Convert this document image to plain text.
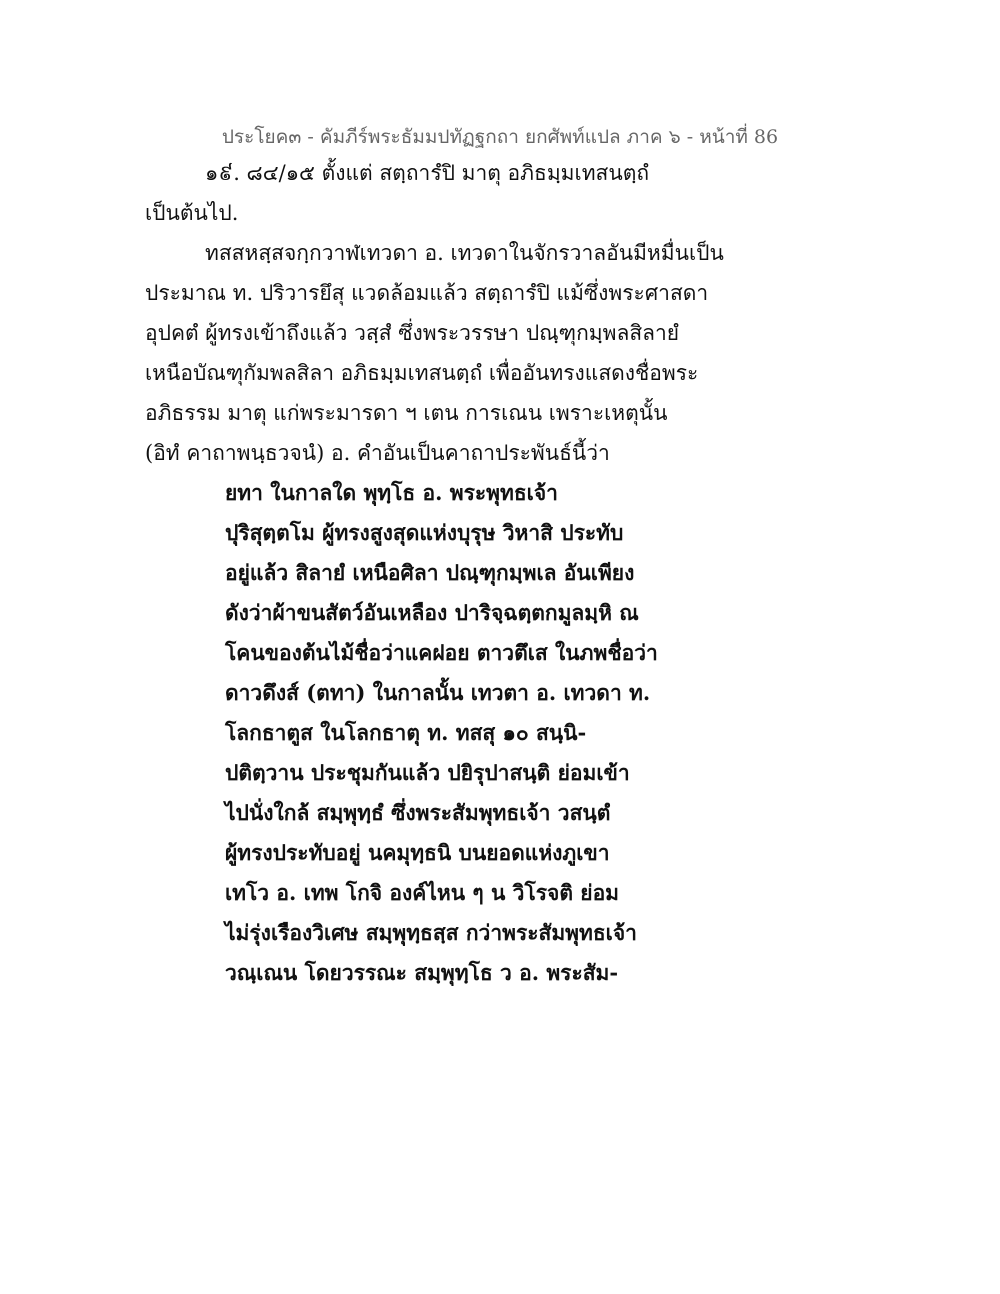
ประโยค๓ - คัมภีร์พระธัมมปทัฏฐกถา ยกศัพท์แปล ภาค ๖ - หน้าที่ 86
๑៩. ๘๔/๑๕ ตั้งแต่ สตฺถารํปิ มาตุ อภิธมฺมเทสนตฺถํ
เป็นต้นไป.
ทสสหสฺสจกฺกวาฬเทวดา อ. เทวดาในจักรวาลอันมีหมื่นเป็น
ประมาณ ท. ปริวารยึสุ แวดล้อมแล้ว สตฺถารํปิ แม้ซึ่งพระศาสดา
อุปคตํ ผู้ทรงเข้าถึงแล้ว วสฺสํ ซึ่งพระวรรษา ปณฺฑุกมฺพลสิลายํ
เหนือบัณฑุกัมพลสิลา อภิธมฺมเทสนตฺถํ เพื่ออันทรงแสดงชื่อพระ
อภิธรรม มาตุ แก่พระมารดา ฯ เตน การเณน เพราะเหตุนั้น
(อิทํ คาถาพนฺธวจนํ) อ. คำอันเป็นคาถาประพันธ์นี้ว่า
ยทา ในกาลใด พุทฺโธ อ. พระพุทธเจ้า
ปุริสุตฺตโม ผู้ทรงสูงสุดแห่งบุรุษ วิหาสิ ประทับ
อยู่แล้ว สิลายํ เหนือศิลา ปณฺฑุกมฺพเล อันเพียง
ดังว่าผ้าขนสัตว์อันเหลือง ปาริจฺฉตฺตกมูลมฺหิ ณ
โคนของต้นไม้ชื่อว่าแคฝอย ตาวตึเส ในภพชื่อว่า
ดาวดึงส์ (ตทา) ในกาลนั้น เทวตา อ. เทวดา ท.
โลกธาตูส ในโลกธาตุ ท. ทสสุ ๑๐ สนฺนิ-
ปติตฺวาน ประชุมกันแล้ว ปยิรุปาสนฺติ ย่อมเข้า
ไปนั่งใกล้ สมฺพุทฺธํ ซึ่งพระสัมพุทธเจ้า วสนฺตํ
ผู้ทรงประทับอยู่ นคมุทฺธนิ บนยอดแห่งภูเขา
เทโว อ. เทพ โกจิ องค์ไหน ๆ น วิโรจติ ย่อม
ไม่รุ่งเรืองวิเศษ สมฺพุทฺธสฺส กว่าพระสัมพุทธเจ้า
วณฺเณน โดยวรรณะ สมฺพุทฺโธ ว อ. พระสัม-
